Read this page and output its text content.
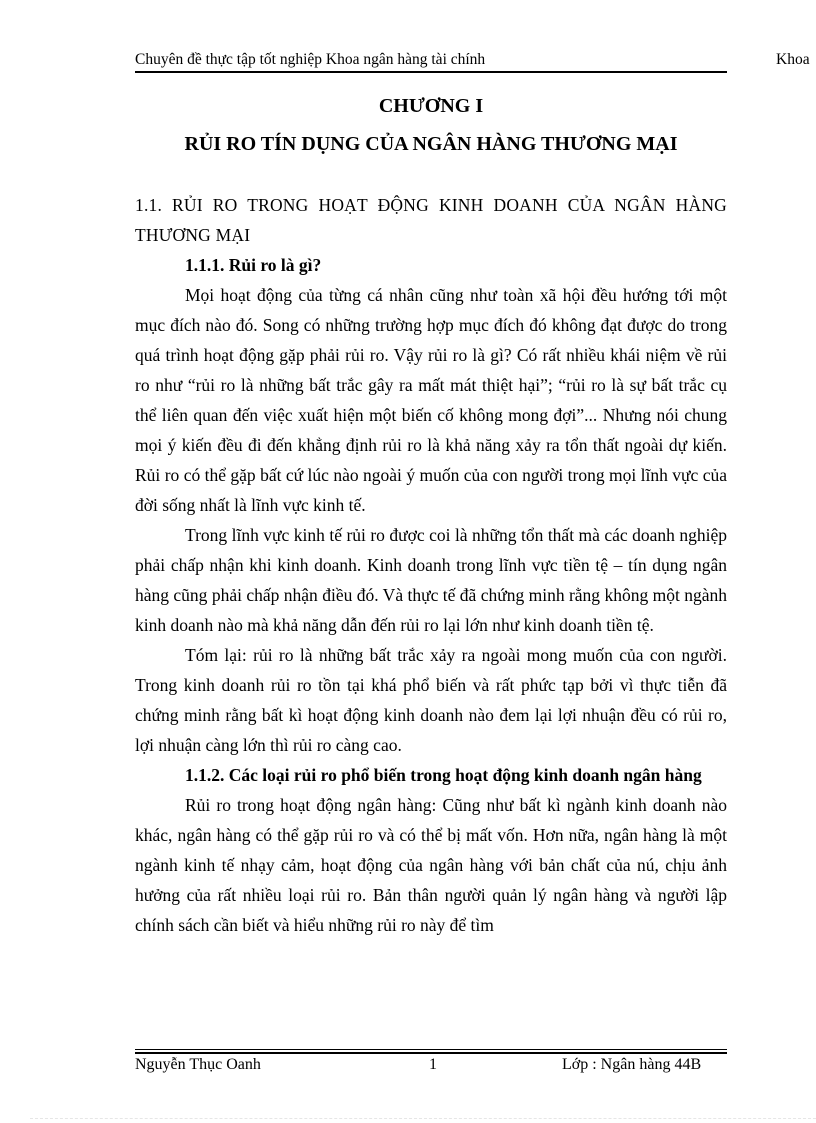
Chuyên đề thực tập tốt nghiệp Khoa ngân hàng tài chính	Khoa
CHƯƠNG I
RỦI RO TÍN DỤNG CỦA NGÂN HÀNG THƯƠNG MẠI

1.1. RỦI RO TRONG HOẠT ĐỘNG KINH DOANH CỦA NGÂN HÀNG THƯƠNG MẠI

1.1.1. Rủi ro là gì?

Mọi hoạt động của từng cá nhân cũng như toàn xã hội đều hướng tới một mục đích nào đó. Song có những trường hợp mục đích đó không đạt được do trong quá trình hoạt động gặp phải rủi ro. Vậy rủi ro là gì? Có rất nhiều khái niệm về rủi ro như “rủi ro là những bất trắc gây ra mất mát thiệt hại”; “rủi ro là sự bất trắc cụ thể liên quan đến việc xuất hiện một biến cố không mong đợi”... Nhưng nói chung mọi ý kiến đều đi đến khẳng định rủi ro là khả năng xảy ra tổn thất ngoài dự kiến. Rủi ro có thể gặp bất cứ lúc nào ngoài ý muốn của con người trong mọi lĩnh vực của đời sống nhất là lĩnh vực kinh tế.

Trong lĩnh vực kinh tế rủi ro được coi là những tổn thất mà các doanh nghiệp phải chấp nhận khi kinh doanh. Kinh doanh trong lĩnh vực tiền tệ – tín dụng ngân hàng cũng phải chấp nhận điều đó. Và thực tế đã chứng minh rằng không một ngành kinh doanh nào mà khả năng dẫn đến rủi ro lại lớn như kinh doanh tiền tệ.

Tóm lại: rủi ro là những bất trắc xảy ra ngoài mong muốn của con người. Trong kinh doanh rủi ro tồn tại khá phổ biến và rất phức tạp bởi vì thực tiễn đã chứng minh rằng bất kì hoạt động kinh doanh nào đem lại lợi nhuận đều có rủi ro, lợi nhuận càng lớn thì rủi ro càng cao.

1.1.2. Các loại rủi ro phổ biến trong hoạt động kinh doanh ngân hàng

Rủi ro trong hoạt động ngân hàng: Cũng như bất kì ngành kinh doanh nào khác, ngân hàng có thể gặp rủi ro và có thể bị mất vốn. Hơn nữa, ngân hàng là một ngành kinh tế nhạy cảm, hoạt động của ngân hàng với bản chất của nú, chịu ảnh hưởng của rất nhiều loại rủi ro. Bản thân người quản lý ngân hàng và người lập chính sách cần biết và hiểu những rủi ro này để tìm

Nguyễn Thục Oanh	1	Lớp : Ngân hàng 44B
